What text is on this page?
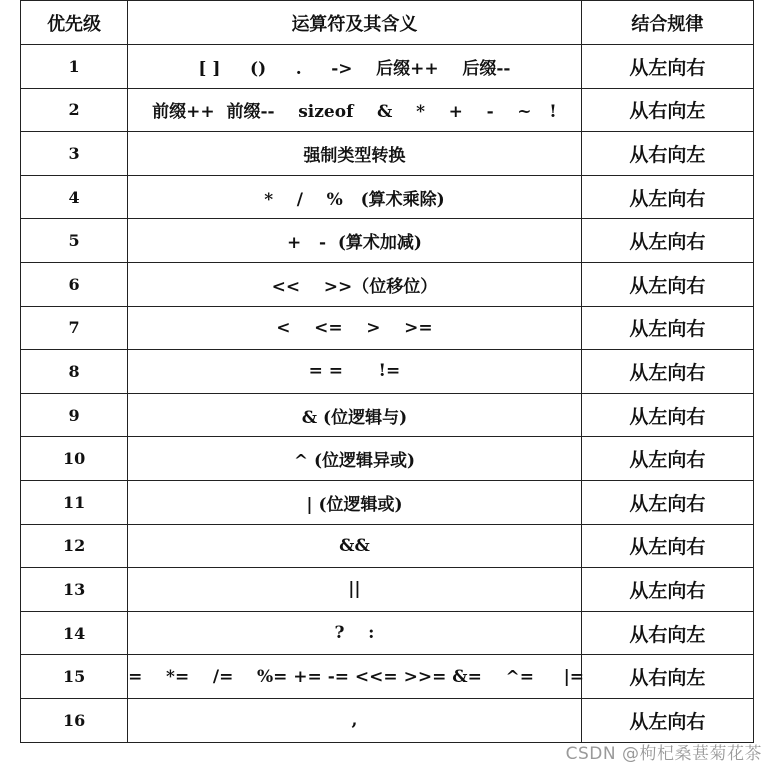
优先级	运算符及其含义	结合规律
1	[ ]     ()     .     ->    后缀++    后缀--	从左向右
2	前缀++  前缀--    sizeof    &    *    +    -    ~   !	从右向左
3	强制类型转换	从右向左
4	*    /    %   (算术乘除)	从左向右
5	+   -  (算术加减)	从左向右
6	<<    >>（位移位）	从左向右
7	<    <=    >    >=	从左向右
8	= =      !=	从左向右
9	& (位逻辑与)	从左向右
10	^ (位逻辑异或)	从左向右
11	| (位逻辑或)	从左向右
12	&&	从左向右
13	||	从左向右
14	?    :	从右向左
15	=    *=    /=    %= += -= <<= >>= &=    ^=     |=	从右向左
16	,	从左向右
CSDN @枸杞桑葚菊花茶
